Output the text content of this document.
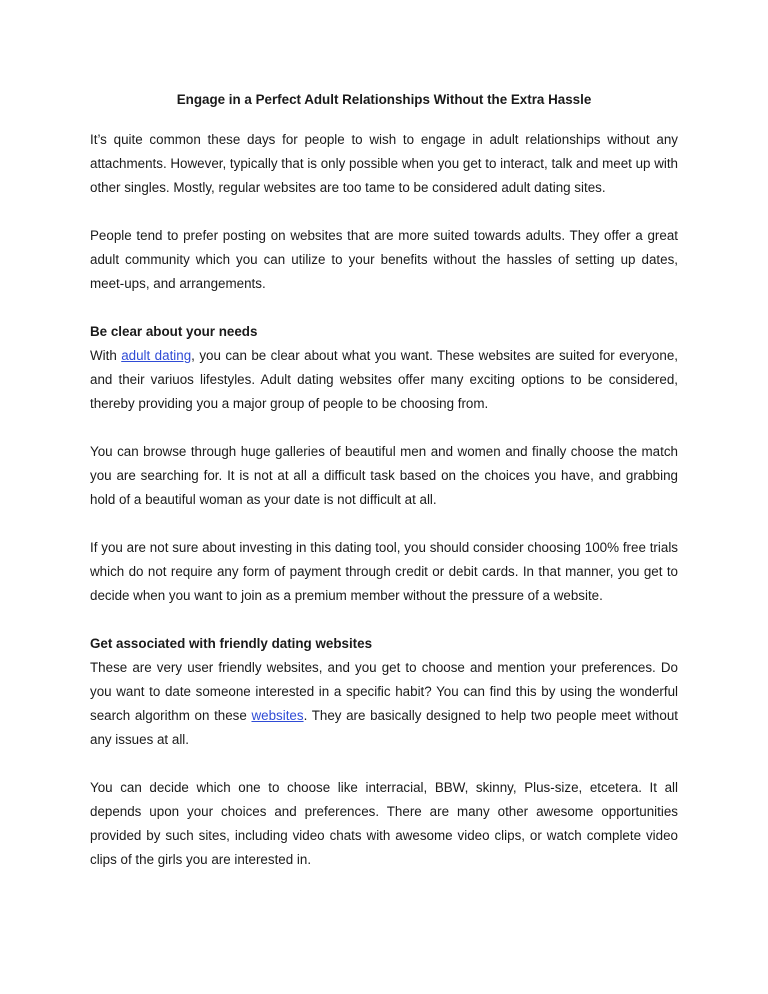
Engage in a Perfect Adult Relationships Without the Extra Hassle

It’s quite common these days for people to wish to engage in adult relationships without any attachments. However, typically that is only possible when you get to interact, talk and meet up with other singles. Mostly, regular websites are too tame to be considered adult dating sites.

People tend to prefer posting on websites that are more suited towards adults. They offer a great adult community which you can utilize to your benefits without the hassles of setting up dates, meet-ups, and arrangements.

Be clear about your needs

With adult dating, you can be clear about what you want. These websites are suited for everyone, and their variuos lifestyles. Adult dating websites offer many exciting options to be considered, thereby providing you a major group of people to be choosing from.

You can browse through huge galleries of beautiful men and women and finally choose the match you are searching for. It is not at all a difficult task based on the choices you have, and grabbing hold of a beautiful woman as your date is not difficult at all.

If you are not sure about investing in this dating tool, you should consider choosing 100% free trials which do not require any form of payment through credit or debit cards. In that manner, you get to decide when you want to join as a premium member without the pressure of a website.

Get associated with friendly dating websites

These are very user friendly websites, and you get to choose and mention your preferences. Do you want to date someone interested in a specific habit? You can find this by using the wonderful search algorithm on these websites. They are basically designed to help two people meet without any issues at all.

You can decide which one to choose like interracial, BBW, skinny, Plus-size, etcetera. It all depends upon your choices and preferences. There are many other awesome opportunities provided by such sites, including video chats with awesome video clips, or watch complete video clips of the girls you are interested in.
